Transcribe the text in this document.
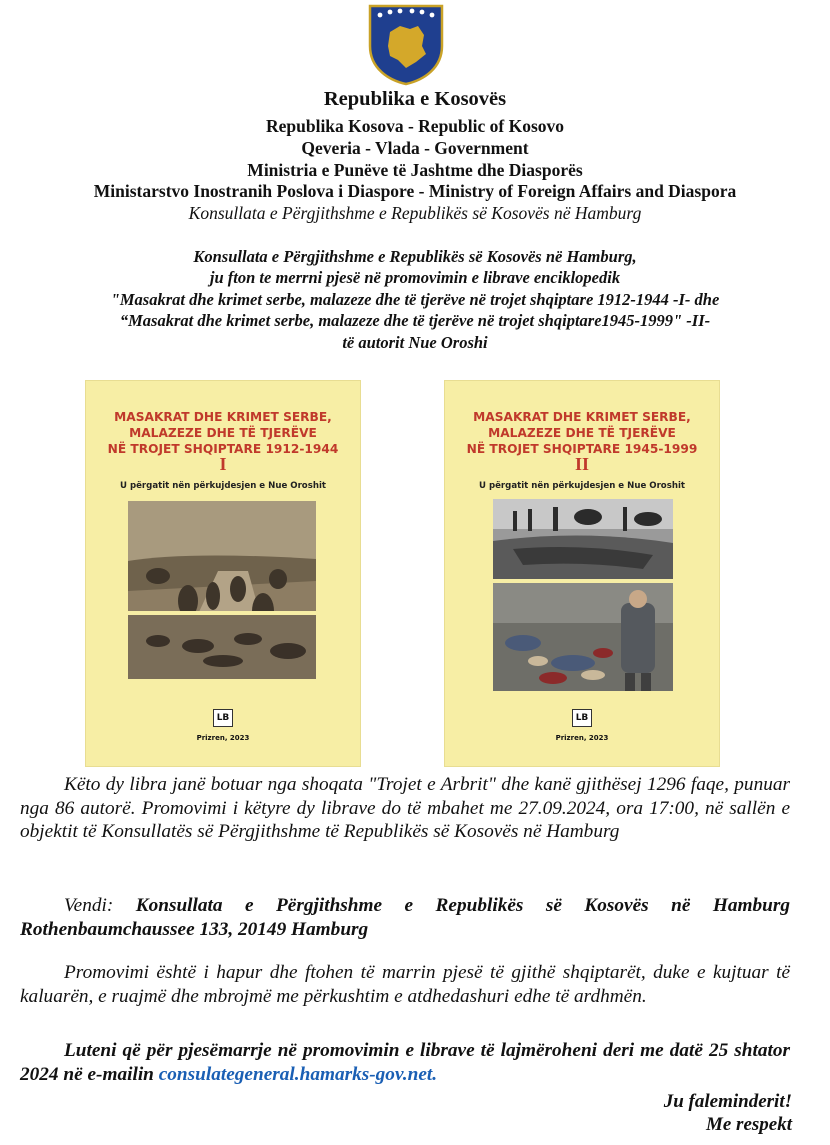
Republika e Kosovës
Republika Kosova - Republic of Kosovo
Qeveria - Vlada - Government
Ministria e Punëve të Jashtme dhe Diasporës
Ministarstvo Inostranih Poslova i Diaspore - Ministry of Foreign Affairs and Diaspora
Konsullata e Përgjithshme e Republikës së Kosovës në Hamburg
Konsullata e Përgjithshme e Republikës së Kosovës në Hamburg,
ju fton te merrni pjesë në promovimin e librave enciklopedik
"Masakrat dhe krimet serbe, malazeze dhe të tjerëve në trojet shqiptare 1912-1944 -I- dhe
“Masakrat dhe krimet serbe, malazeze dhe të tjerëve në trojet shqiptare1945-1999" -II-
të autorit Nue Oroshi
MASAKRAT DHE KRIMET SERBE,
MALAZEZE DHE TË TJERËVE
NË TROJET SHQIPTARE 1912-1944
I
U përgatit nën përkujdesjen e Nue Oroshit
LB
Prizren, 2023
MASAKRAT DHE KRIMET SERBE,
MALAZEZE DHE TË TJERËVE
NË TROJET SHQIPTARE 1945-1999
II
U përgatit nën përkujdesjen e Nue Oroshit
LB
Prizren, 2023
Këto dy libra janë botuar nga shoqata "Trojet e Arbrit" dhe kanë gjithësej 1296 faqe, punuar nga 86 autorë. Promovimi i këtyre dy librave do të mbahet me 27.09.2024, ora 17:00, në sallën e objektit të Konsullatës së Përgjithshme të Republikës së Kosovës në Hamburg
Vendi: Konsullata e Përgjithshme e Republikës së Kosovës në Hamburg Rothenbaumchaussee 133, 20149 Hamburg
Promovimi është i hapur dhe ftohen të marrin pjesë të gjithë shqiptarët, duke e kujtuar të kaluarën, e ruajmë dhe mbrojmë me përkushtim e atdhedashuri edhe të ardhmën.
Luteni që për pjesëmarrje në promovimin e librave të lajmëroheni deri me datë 25 shtator 2024 në e-mailin consulategeneral.hamarks-gov.net.
Ju faleminderit!
Me respekt
